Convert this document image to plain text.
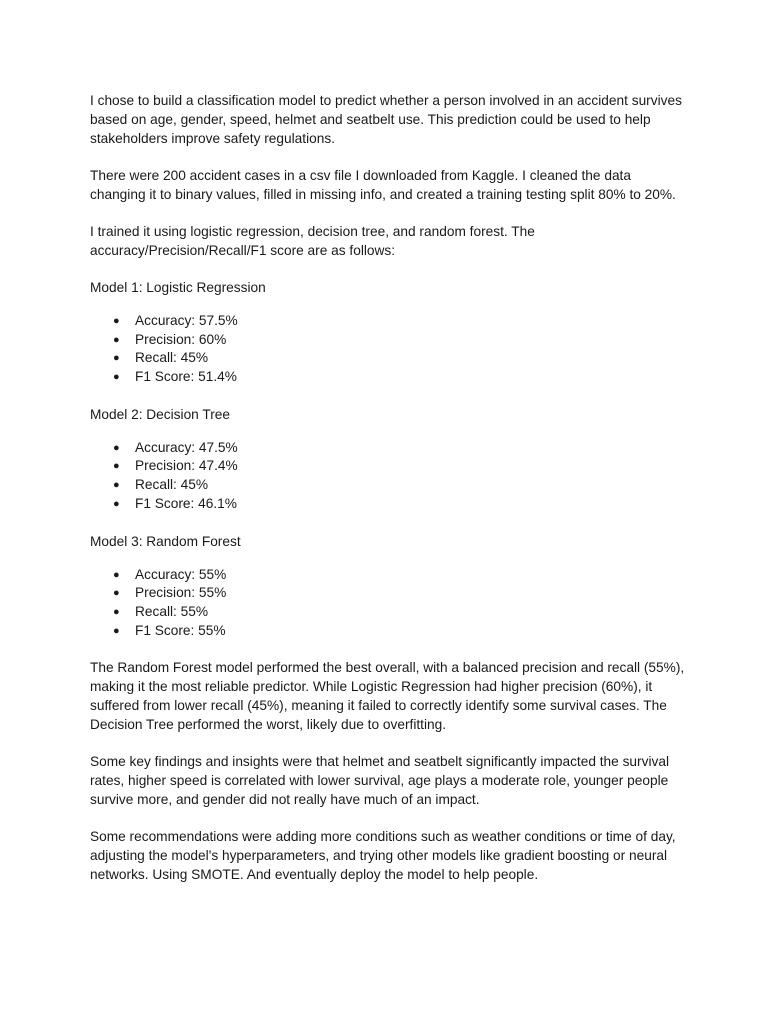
I chose to build a classification model to predict whether a person involved in an accident survives based on age, gender, speed, helmet and seatbelt use. This prediction could be used to help stakeholders improve safety regulations.

There were 200 accident cases in a csv file I downloaded from Kaggle. I cleaned the data changing it to binary values, filled in missing info, and created a training testing split 80% to 20%.

I trained it using logistic regression, decision tree, and random forest. The accuracy/Precision/Recall/F1 score are as follows:

Model 1: Logistic Regression

● Accuracy: 57.5%
● Precision: 60%
● Recall: 45%
● F1 Score: 51.4%

Model 2: Decision Tree

● Accuracy: 47.5%
● Precision: 47.4%
● Recall: 45%
● F1 Score: 46.1%

Model 3: Random Forest

● Accuracy: 55%
● Precision: 55%
● Recall: 55%
● F1 Score: 55%

The Random Forest model performed the best overall, with a balanced precision and recall (55%), making it the most reliable predictor. While Logistic Regression had higher precision (60%), it suffered from lower recall (45%), meaning it failed to correctly identify some survival cases. The Decision Tree performed the worst, likely due to overfitting.

Some key findings and insights were that helmet and seatbelt significantly impacted the survival rates, higher speed is correlated with lower survival, age plays a moderate role, younger people survive more, and gender did not really have much of an impact.

Some recommendations were adding more conditions such as weather conditions or time of day, adjusting the model's hyperparameters, and trying other models like gradient boosting or neural networks. Using SMOTE. And eventually deploy the model to help people.
